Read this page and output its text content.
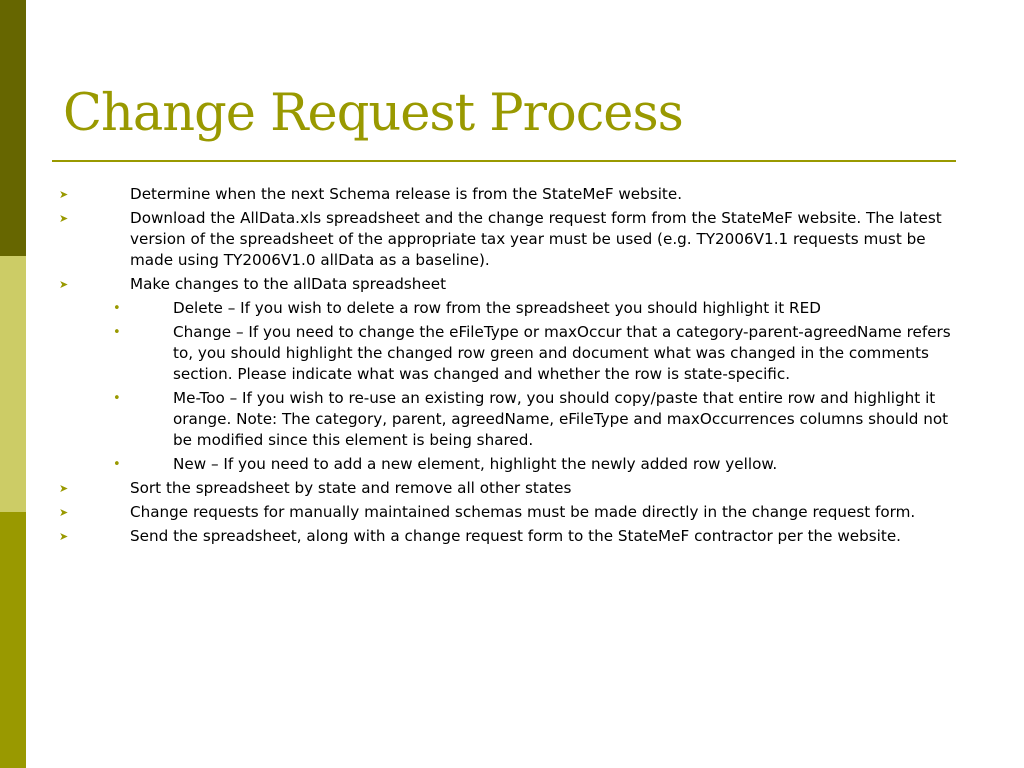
Change Request Process
➤	Determine when the next Schema release is from the StateMeF website.
➤	Download the AllData.xls spreadsheet and the change request form from the StateMeF website. The latest version of the spreadsheet of the appropriate tax year must be used (e.g. TY2006V1.1 requests must be made using TY2006V1.0 allData as a baseline).
➤	Make changes to the allData spreadsheet
•	Delete – If you wish to delete a row from the spreadsheet you should highlight it RED
•	Change – If you need to change the eFileType or maxOccur that a category-parent-agreedName refers to, you should highlight the changed row green and document what was changed in the comments section. Please indicate what was changed and whether the row is state-specific.
•	Me-Too – If you wish to re-use an existing row, you should copy/paste that entire row and highlight it orange. Note: The category, parent, agreedName, eFileType and maxOccurrences columns should not be modified since this element is being shared.
•	New – If you need to add a new element, highlight the newly added row yellow.
➤	Sort the spreadsheet by state and remove all other states
➤	Change requests for manually maintained schemas must be made directly in the change request form.
➤	Send the spreadsheet, along with a change request form to the StateMeF contractor per the website.
